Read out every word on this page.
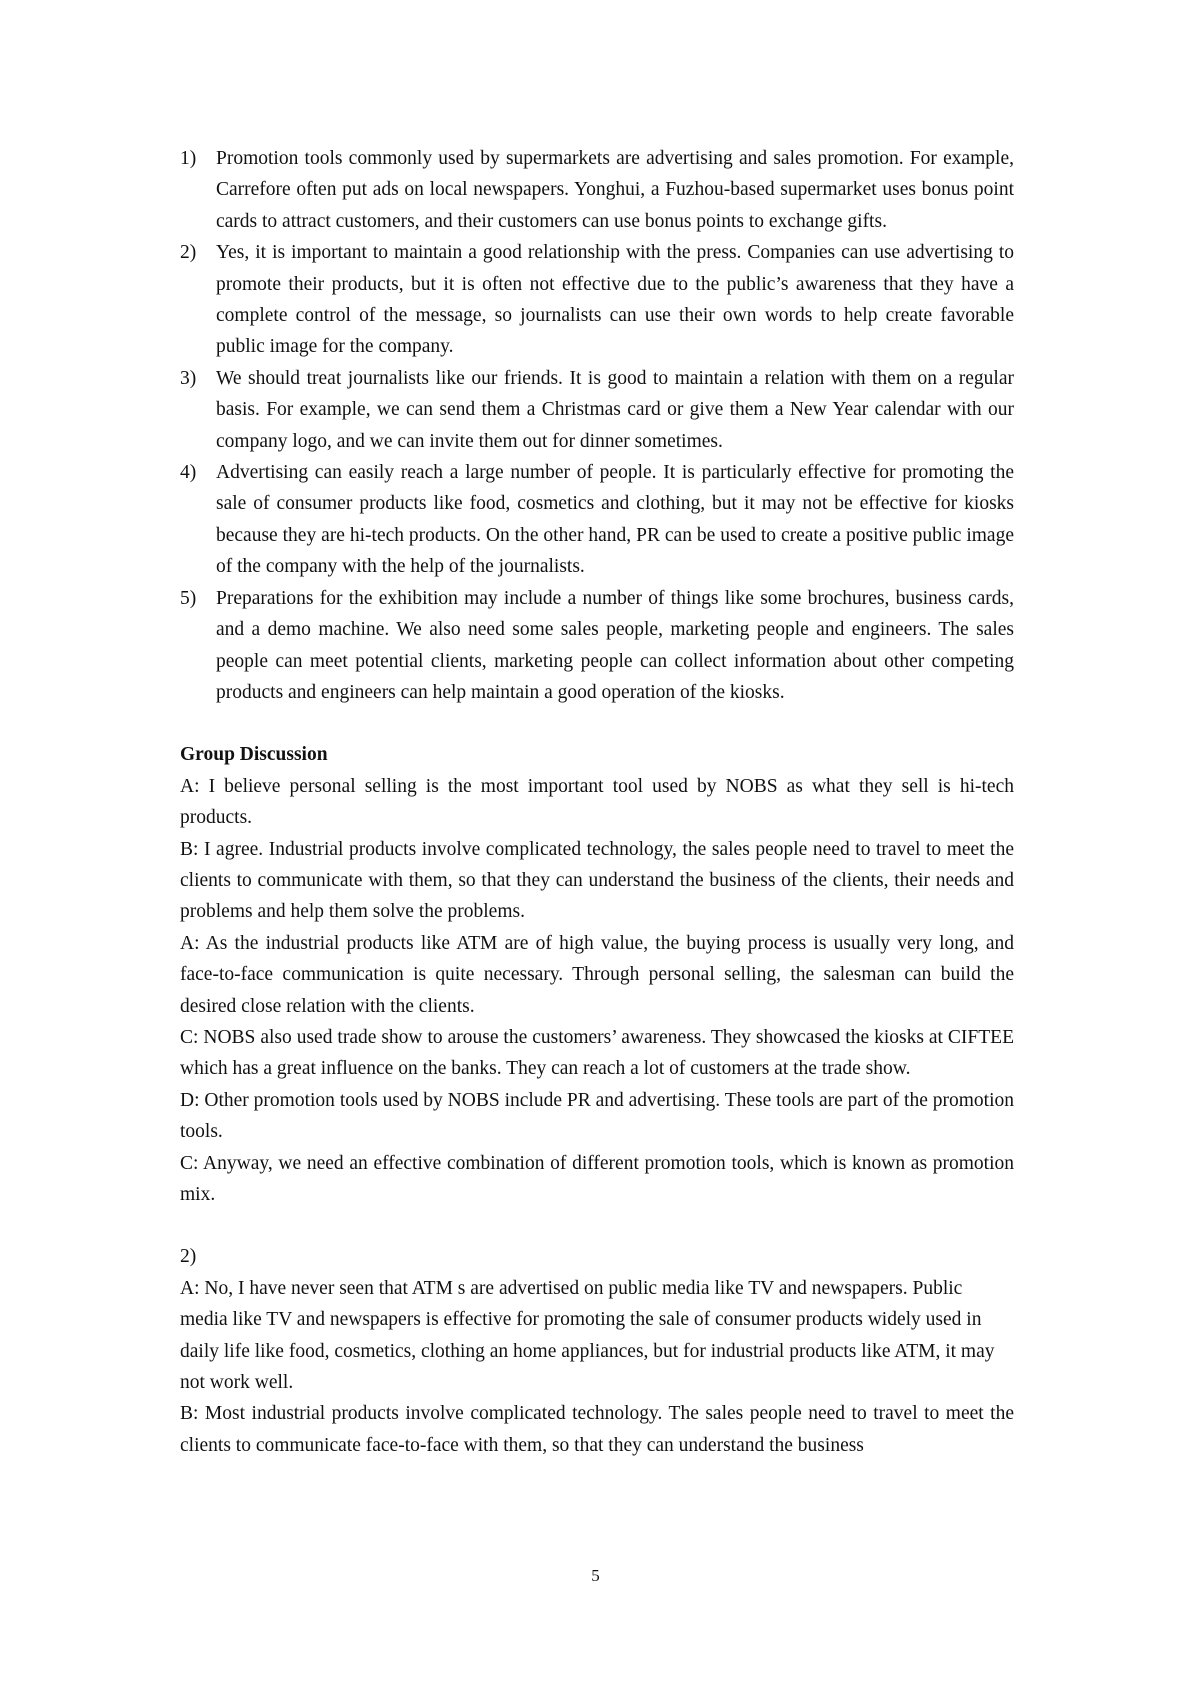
1)	Promotion tools commonly used by supermarkets are advertising and sales promotion. For example, Carrefore often put ads on local newspapers. Yonghui, a Fuzhou-based supermarket uses bonus point cards to attract customers, and their customers can use bonus points to exchange gifts.
2)	Yes, it is important to maintain a good relationship with the press. Companies can use advertising to promote their products, but it is often not effective due to the public’s awareness that they have a complete control of the message, so journalists can use their own words to help create favorable public image for the company.
3)	We should treat journalists like our friends. It is good to maintain a relation with them on a regular basis. For example, we can send them a Christmas card or give them a New Year calendar with our company logo, and we can invite them out for dinner sometimes.
4)	Advertising can easily reach a large number of people. It is particularly effective for promoting the sale of consumer products like food, cosmetics and clothing, but it may not be effective for kiosks because they are hi-tech products. On the other hand, PR can be used to create a positive public image of the company with the help of the journalists.
5)	Preparations for the exhibition may include a number of things like some brochures, business cards, and a demo machine. We also need some sales people, marketing people and engineers. The sales people can meet potential clients, marketing people can collect information about other competing products and engineers can help maintain a good operation of the kiosks.
Group Discussion
A: I believe personal selling is the most important tool used by NOBS as what they sell is hi-tech products.
B: I agree. Industrial products involve complicated technology, the sales people need to travel to meet the clients to communicate with them, so that they can understand the business of the clients, their needs and problems and help them solve the problems.
A: As the industrial products like ATM are of high value, the buying process is usually very long, and face-to-face communication is quite necessary. Through personal selling, the salesman can build the desired close relation with the clients.
C: NOBS also used trade show to arouse the customers’ awareness. They showcased the kiosks at CIFTEE which has a great influence on the banks. They can reach a lot of customers at the trade show.
D: Other promotion tools used by NOBS include PR and advertising. These tools are part of the promotion tools.
C: Anyway, we need an effective combination of different promotion tools, which is known as promotion mix.
2)
A: No, I have never seen that ATM s are advertised on public media like TV and newspapers. Public media like TV and newspapers is effective for promoting the sale of consumer products widely used in daily life like food, cosmetics, clothing an home appliances, but for industrial products like ATM, it may not work well.
B: Most industrial products involve complicated technology. The sales people need to travel to meet the clients to communicate face-to-face with them, so that they can understand the business
5
